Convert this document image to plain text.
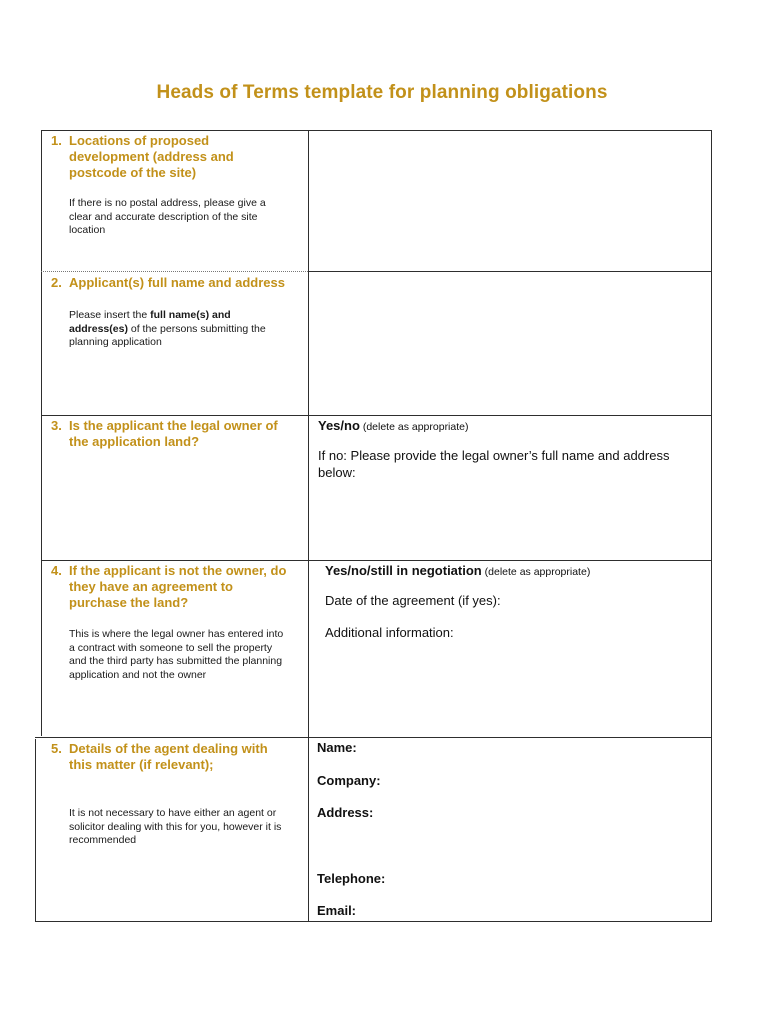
Heads of Terms template for planning obligations
1. Locations of proposed
development (address and
postcode of the site)
If there is no postal address, please give a
clear and accurate description of the site
location
2. Applicant(s) full name and address
Please insert the full name(s) and
address(es) of the persons submitting the
planning application
3. Is the applicant the legal owner of
the application land?
Yes/no (delete as appropriate)
If no: Please provide the legal owner’s full name and address
below:
4. If the applicant is not the owner, do
they have an agreement to
purchase the land?
This is where the legal owner has entered into
a contract with someone to sell the property
and the third party has submitted the planning
application and not the owner
Yes/no/still in negotiation (delete as appropriate)
Date of the agreement (if yes):
Additional information:
5. Details of the agent dealing with
this matter (if relevant);
It is not necessary to have either an agent or
solicitor dealing with this for you, however it is
recommended
Name:
Company:
Address:
Telephone:
Email:
